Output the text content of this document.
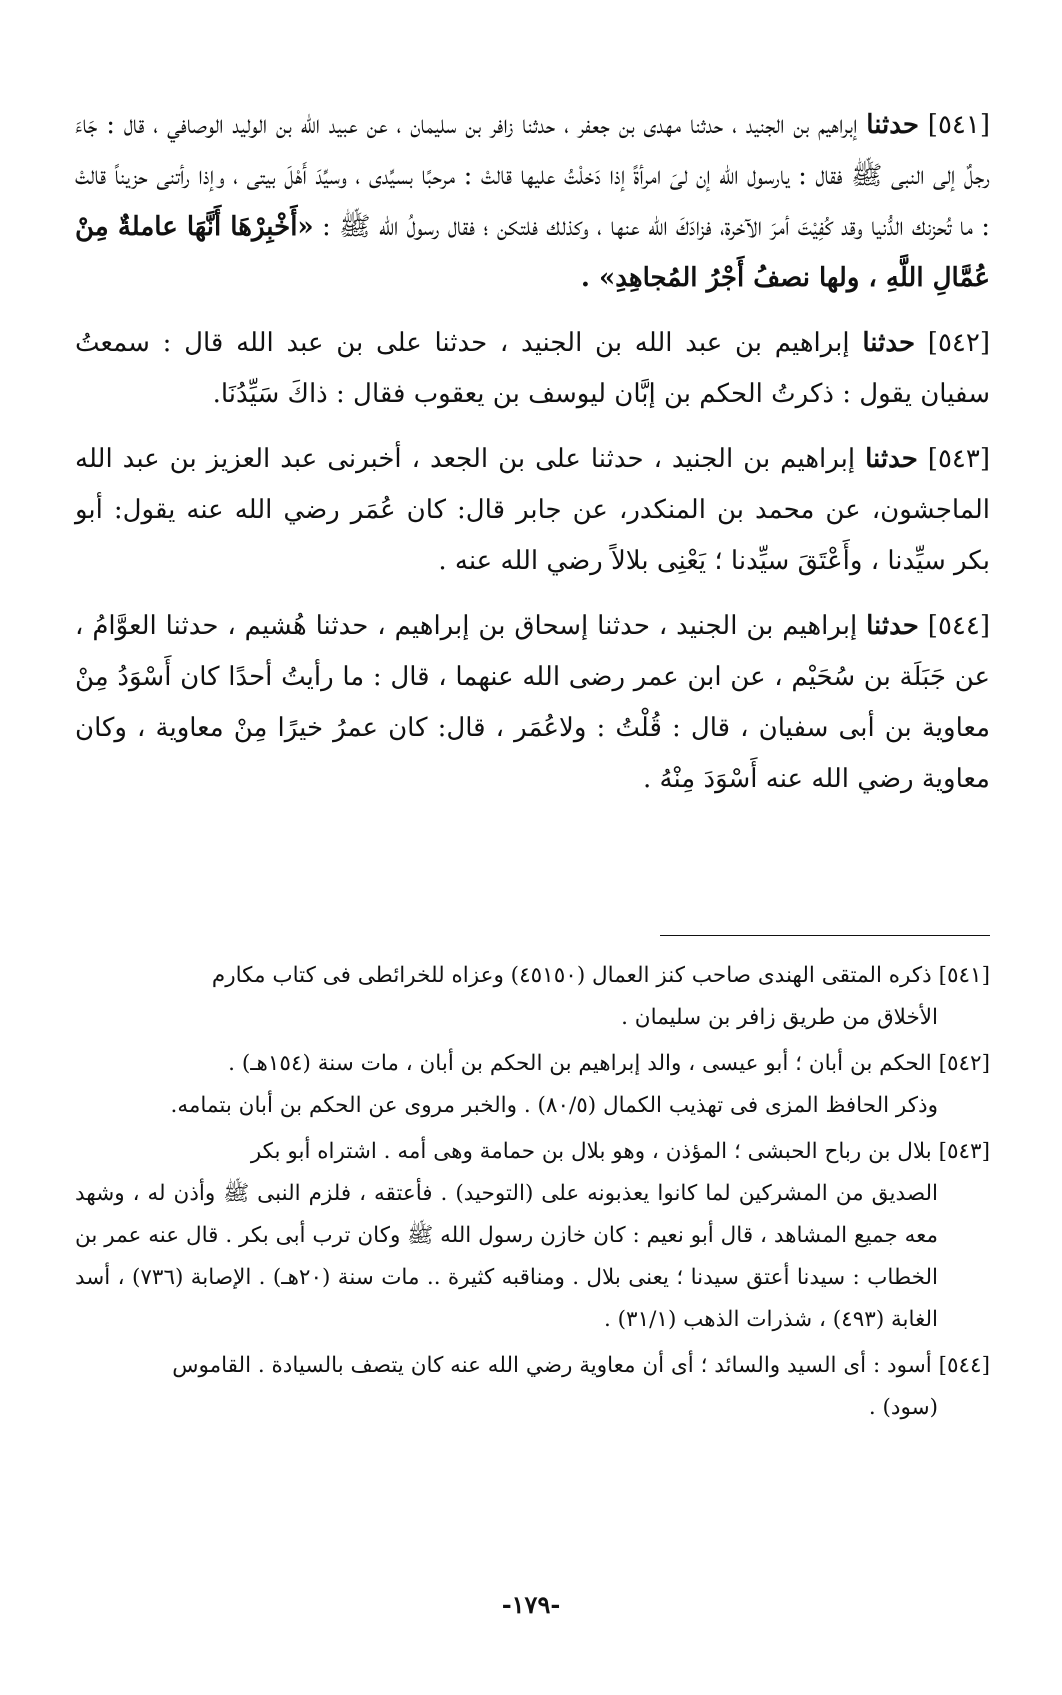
[٥٤١] حدثنا إبراهيم بن الجنيد ، حدثنا مهدى بن جعفر ، حدثنا زافر بن سليمان ، عن عبيد الله بن الوليد الوصافي ، قال : جَاءَ رجلٌ إلى النبى ﷺ فقال : يارسول الله إن لىَ امرأةً إذا دَخلْتُ عليها قالتْ : مرحبًا بسيِّدى ، وسيِّدَ أَهْلَ بيتى ، وإذا رأتنى حزيناً قالتْ : ما تُحزنك الدُّنيا وقد كُفِيْتَ أمرَ الآخرة، فزادَكَ الله عنها ، وكذلك فلتكن ؛ فقال رسولُ الله ﷺ : «أَخْبِرْهَا أَنَّهَا عاملةٌ مِنْ عُمَّالِ اللَّهِ ، ولها نصفُ أَجْرُ المُجاهِدِ» .

[٥٤٢] حدثنا إبراهيم بن عبد الله بن الجنيد ، حدثنا على بن عبد الله قال : سمعتُ سفيان يقول : ذكرتُ الحكم بن إبَّان ليوسف بن يعقوب فقال : ذاكَ سَيِّدُنَا.

[٥٤٣] حدثنا إبراهيم بن الجنيد ، حدثنا على بن الجعد ، أخبرنى عبد العزيز بن عبد الله الماجشون، عن محمد بن المنكدر، عن جابر قال: كان عُمَر رضي الله عنه يقول: أبو بكر سيِّدنا ، وأَعْتَقَ سيِّدنا ؛ يَعْنِى بلالاً رضي الله عنه .

[٥٤٤] حدثنا إبراهيم بن الجنيد ، حدثنا إسحاق بن إبراهيم ، حدثنا هُشيم ، حدثنا العوَّامُ ، عن جَبَلَة بن سُحَيْم ، عن ابن عمر رضى الله عنهما ، قال : ما رأيتُ أحدًا كان أَسْوَدُ مِنْ معاوية بن أبى سفيان ، قال : قُلْتُ : ولاعُمَر ، قال: كان عمرُ خيرًا مِنْ معاوية ، وكان معاوية رضي الله عنه أَسْوَدَ مِنْهُ .

[٥٤١] ذكره المتقى الهندى صاحب كنز العمال (٤٥١٥٠) وعزاه للخرائطى فى كتاب مكارم
الأخلاق من طريق زافر بن سليمان .
[٥٤٢] الحكم بن أبان ؛ أبو عيسى ، والد إبراهيم بن الحكم بن أبان ، مات سنة (١٥٤هـ) .
وذكر الحافظ المزى فى تهذيب الكمال (٨٠/٥) . والخبر مروى عن الحكم بن أبان بتمامه.
[٥٤٣] بلال بن رباح الحبشى ؛ المؤذن ، وهو بلال بن حمامة وهى أمه . اشتراه أبو بكر
الصديق من المشركين لما كانوا يعذبونه على (التوحيد) . فأعتقه ، فلزم النبى ﷺ وأذن له ، وشهد معه جميع المشاهد ، قال أبو نعيم : كان خازن رسول الله ﷺ وكان ترب أبى بكر . قال عنه عمر بن الخطاب : سيدنا أعتق سيدنا ؛ يعنى بلال . ومناقبه كثيرة .. مات سنة (٢٠هـ) . الإصابة (٧٣٦) ، أسد الغابة (٤٩٣) ، شذرات الذهب (٣١/١) .
[٥٤٤] أسود : أى السيد والسائد ؛ أى أن معاوية رضي الله عنه كان يتصف بالسيادة . القاموس
(سود) .
-١٧٩-
